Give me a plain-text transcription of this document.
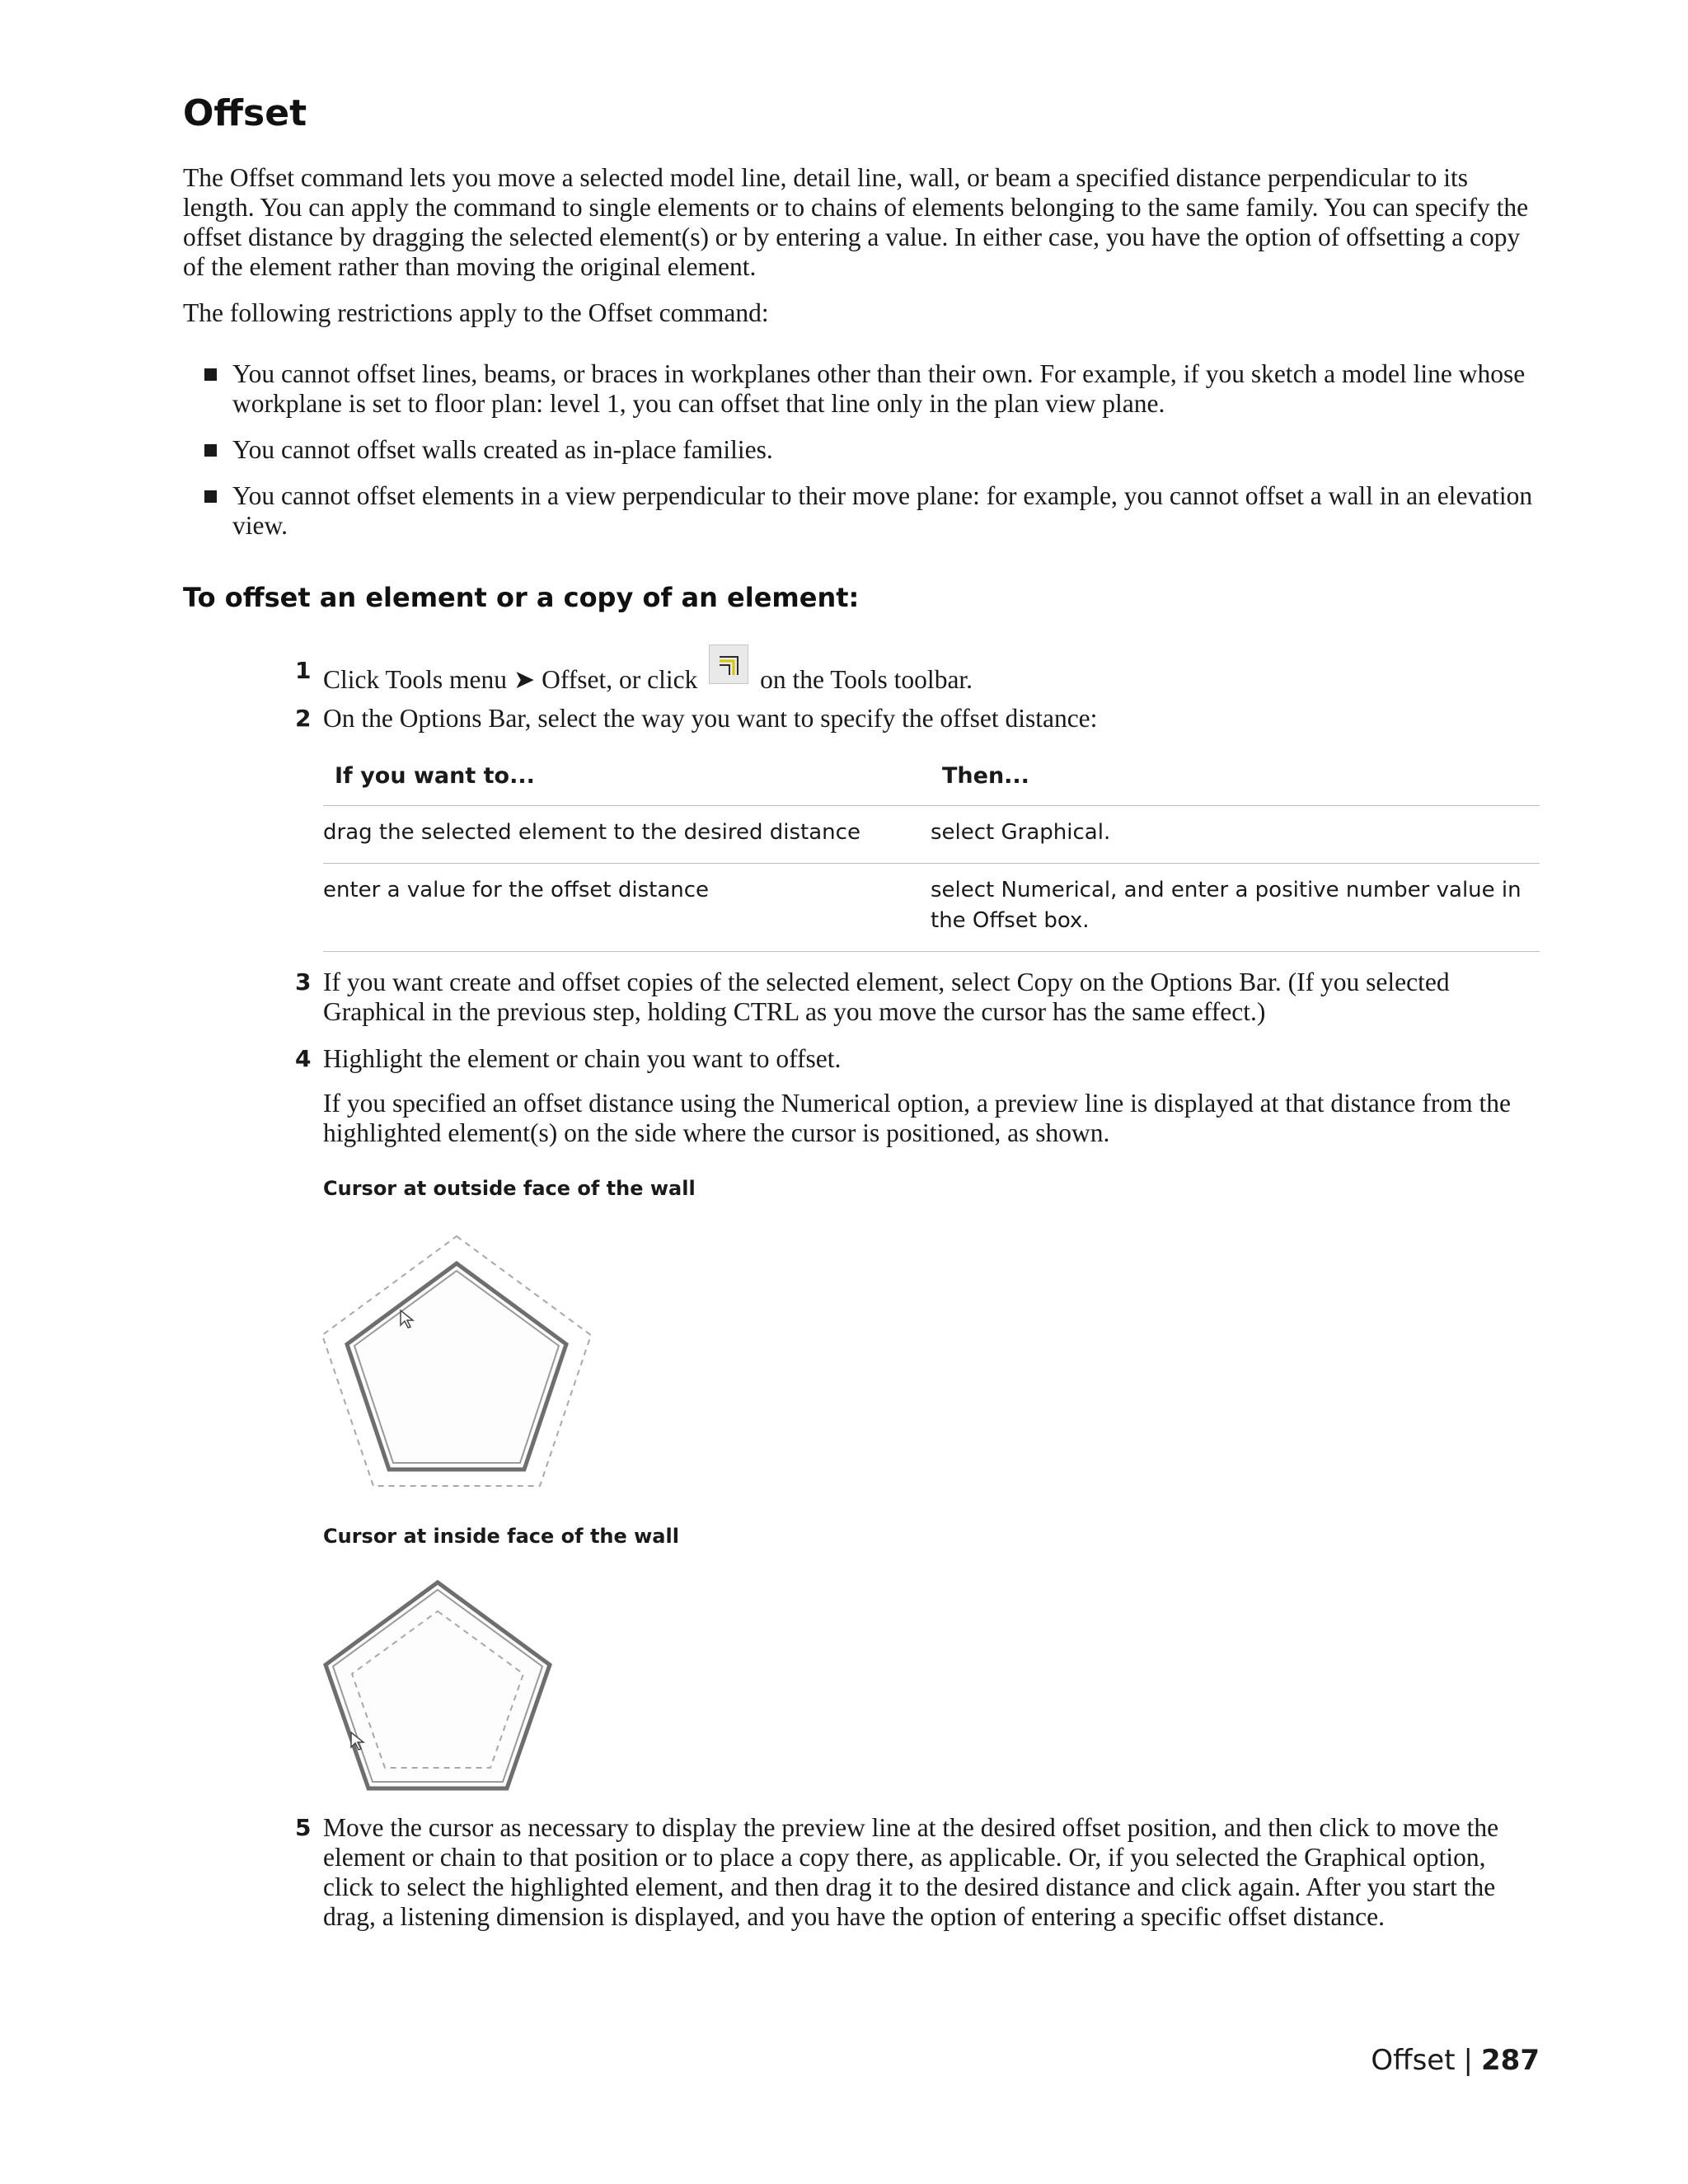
Offset

The Offset command lets you move a selected model line, detail line, wall, or beam a specified distance perpendicular to its length. You can apply the command to single elements or to chains of elements belonging to the same family. You can specify the offset distance by dragging the selected element(s) or by entering a value. In either case, you have the option of offsetting a copy of the element rather than moving the original element.

The following restrictions apply to the Offset command:

You cannot offset lines, beams, or braces in workplanes other than their own. For example, if you sketch a model line whose workplane is set to floor plan: level 1, you can offset that line only in the plan view plane.
You cannot offset walls created as in-place families.
You cannot offset elements in a view perpendicular to their move plane: for example, you cannot offset a wall in an elevation view.
To offset an element or a copy of an element:
1 Click Tools menu ➤ Offset, or click on the Tools toolbar.
2 On the Options Bar, select the way you want to specify the offset distance:
If you want to...	Then...
drag the selected element to the desired distance	select Graphical.
enter a value for the offset distance	select Numerical, and enter a positive number value in the Offset box.
3 If you want create and offset copies of the selected element, select Copy on the Options Bar. (If you selected Graphical in the previous step, holding CTRL as you move the cursor has the same effect.)
4 Highlight the element or chain you want to offset.
If you specified an offset distance using the Numerical option, a preview line is displayed at that distance from the highlighted element(s) on the side where the cursor is positioned, as shown.
Cursor at outside face of the wall
Cursor at inside face of the wall
5 Move the cursor as necessary to display the preview line at the desired offset position, and then click to move the element or chain to that position or to place a copy there, as applicable. Or, if you selected the Graphical option, click to select the highlighted element, and then drag it to the desired distance and click again. After you start the drag, a listening dimension is displayed, and you have the option of entering a specific offset distance.
Offset | 287
